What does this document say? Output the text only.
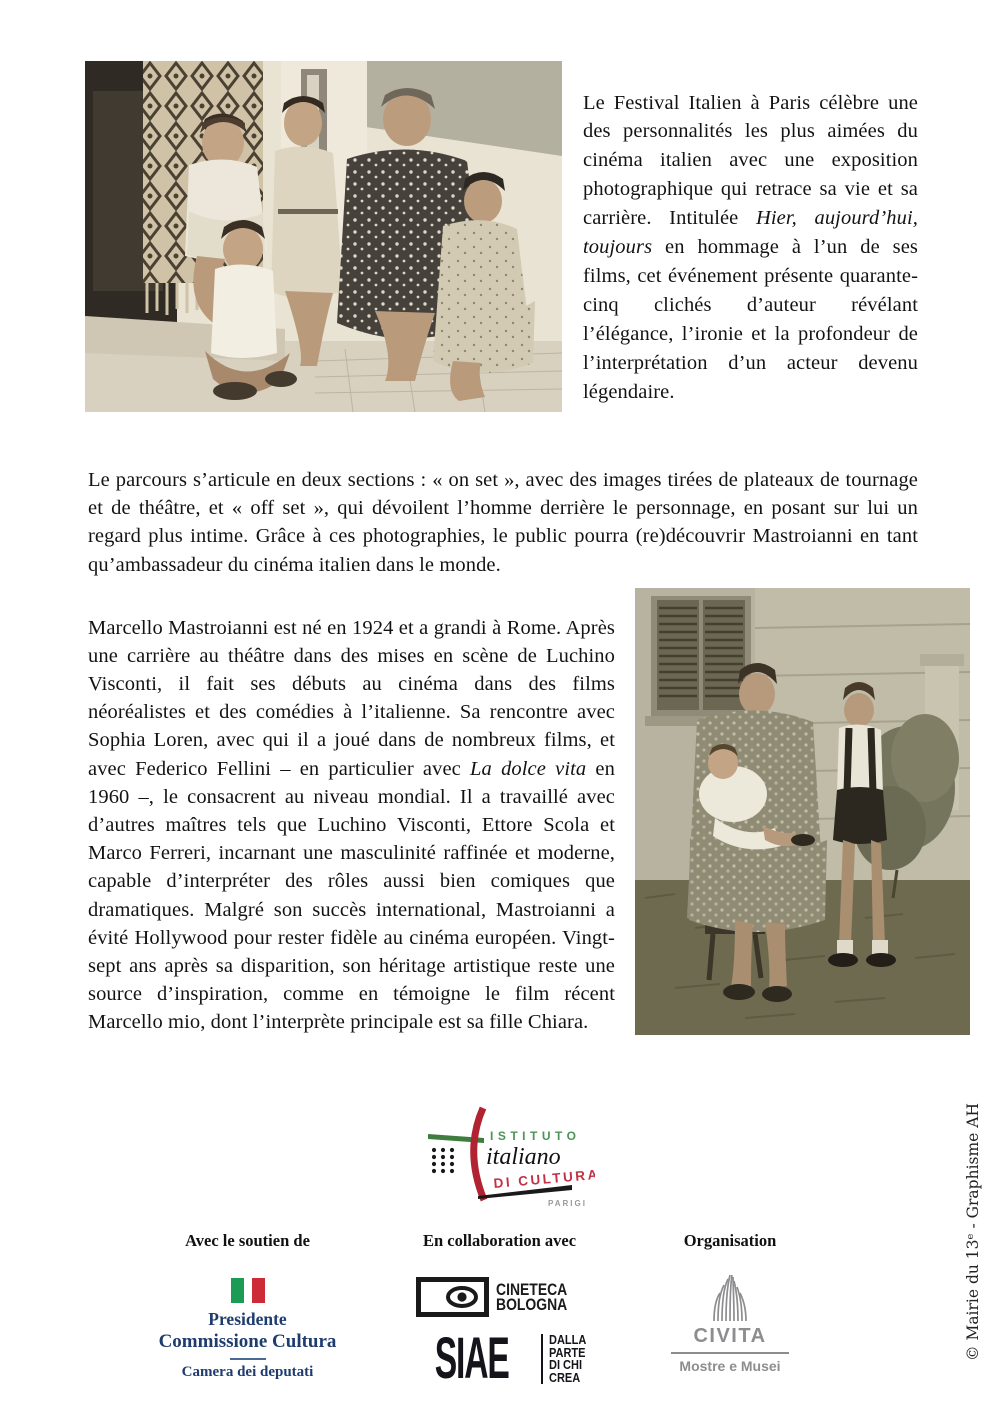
Le Festival Italien à Paris célèbre une des personnalités les plus aimées du cinéma italien avec une exposition photographique qui retrace sa vie et sa carrière. Intitulée Hier, aujourd’hui, toujours en hommage à l’un de ses films, cet événement présente quarante-cinq clichés d’auteur révélant l’élégance, l’ironie et la profondeur de l’interprétation d’un acteur devenu légendaire.

Le parcours s’articule en deux sections : « on set », avec des images tirées de plateaux de tournage et de théâtre, et « off set », qui dévoilent l’homme derrière le personnage, en posant sur lui un regard plus intime. Grâce à ces photographies, le public pourra (re)découvrir Mastroianni en tant qu’ambassadeur du cinéma italien dans le monde.

Marcello Mastroianni est né en 1924 et a grandi à Rome. Après une carrière au théâtre dans des mises en scène de Luchino Visconti, il fait ses débuts au cinéma dans des films néoréalistes et des comédies à l’italienne. Sa rencontre avec Sophia Loren, avec qui il a joué dans de nombreux films, et avec Federico Fellini – en particulier avec La dolce vita en 1960 –, le consacrent au niveau mondial. Il a travaillé avec d’autres maîtres tels que Luchino Visconti, Ettore Scola et Marco Ferreri, incarnant une masculinité raffinée et moderne, capable d’interpréter des rôles aussi bien comiques que dramatiques. Malgré son succès international, Mastroianni a évité Hollywood pour rester fidèle au cinéma européen. Vingt-sept ans après sa disparition, son héritage artistique reste une source d’inspiration, comme en témoigne le film récent Marcello mio, dont l’interprète principale est sa fille Chiara.

ISTITUTO
italiano
DI CULTURA
PARIGI
Avec le soutien de
Presidente
Commissione Cultura
Camera dei deputati
En collaboration avec
CINETECA
BOLOGNA
SIAE	DALLA
PARTE
DI CHI
CREA
Organisation
CIVITA
Mostre e Musei
© Mairie du 13ᵉ - Graphisme AH
